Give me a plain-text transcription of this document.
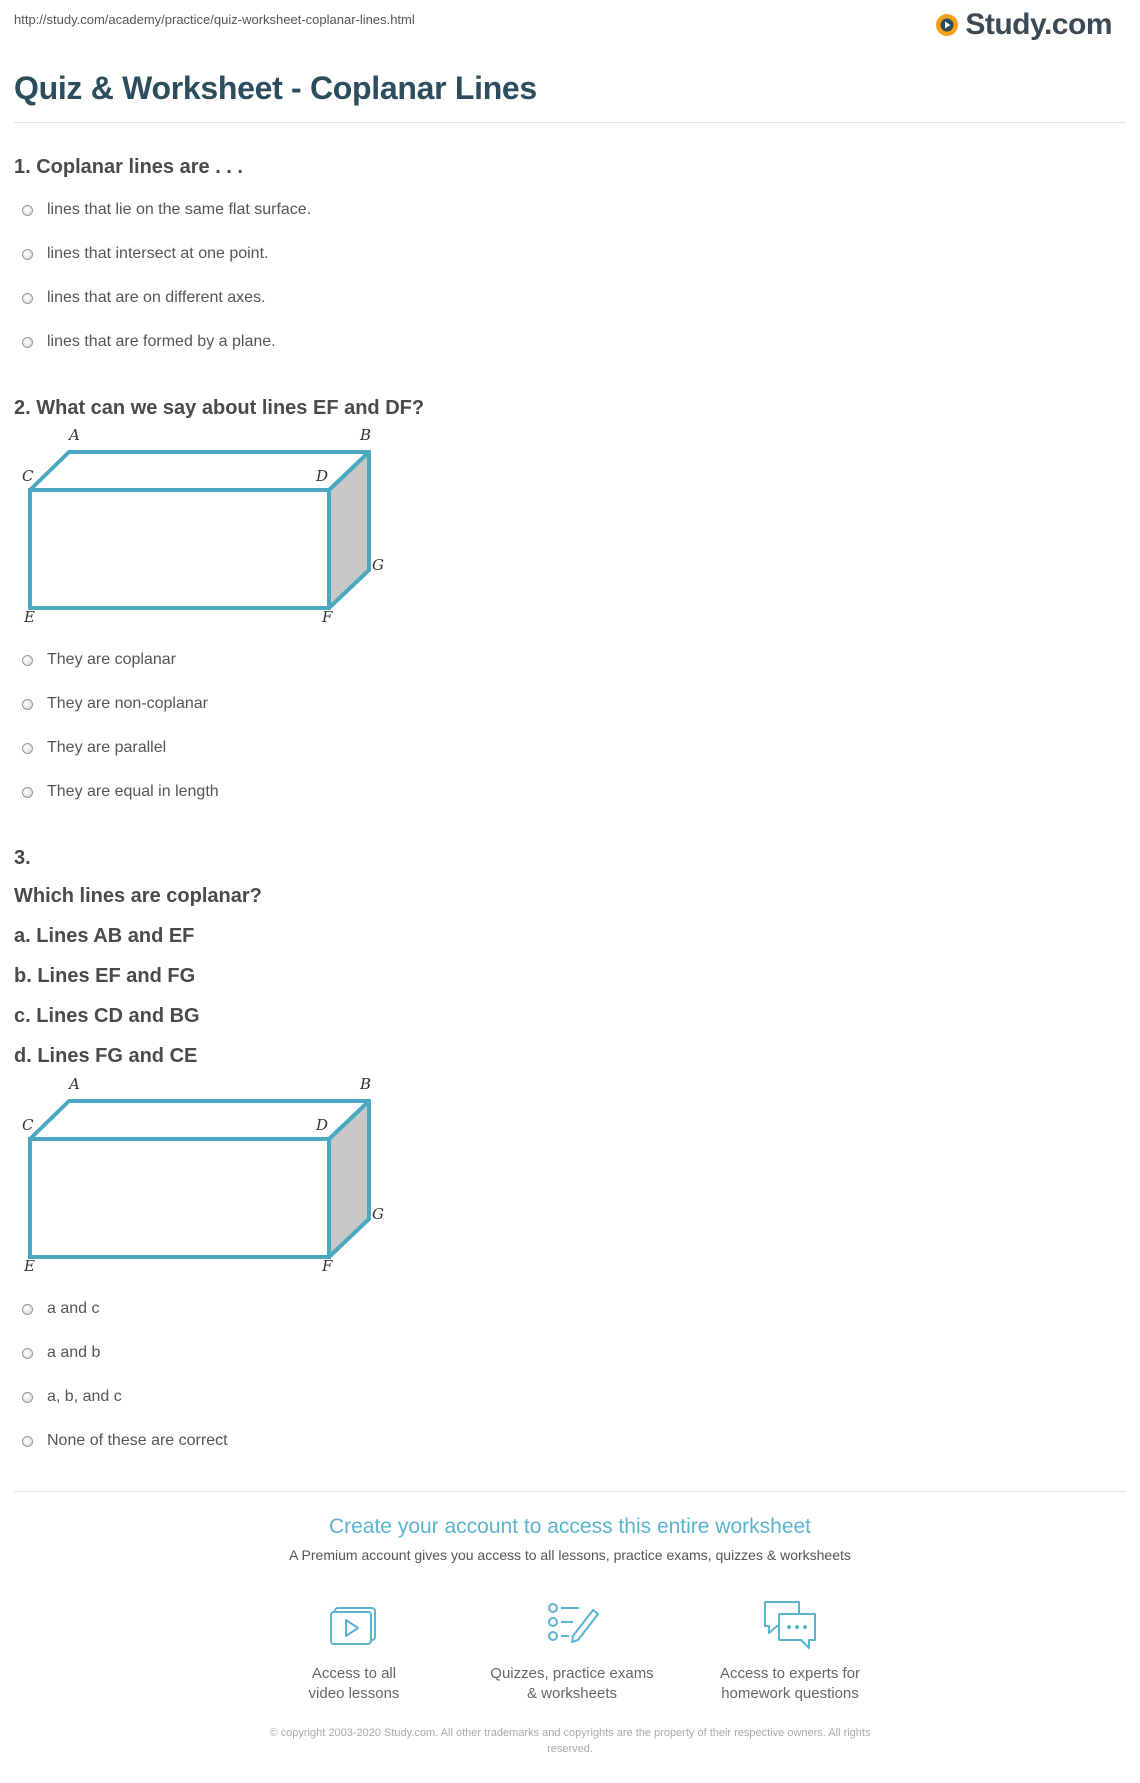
http://study.com/academy/practice/quiz-worksheet-coplanar-lines.html	Study.com
Quiz & Worksheet - Coplanar Lines
1. Coplanar lines are . . .
lines that lie on the same flat surface.
lines that intersect at one point.
lines that are on different axes.
lines that are formed by a plane.
2. What can we say about lines EF and DF?
A	B
C	D
E	F
G
They are coplanar
They are non-coplanar
They are parallel
They are equal in length
3.
Which lines are coplanar?
a. Lines AB and EF
b. Lines EF and FG
c. Lines CD and BG
d. Lines FG and CE
A	B
C	D
E	F
G
a and c
a and b
a, b, and c
None of these are correct
Create your account to access this entire worksheet
A Premium account gives you access to all lessons, practice exams, quizzes & worksheets
Access to all
video lessons
Quizzes, practice exams
& worksheets
Access to experts for
homework questions
© copyright 2003-2020 Study.com. All other trademarks and copyrights are the property of their respective owners. All rights
reserved.
